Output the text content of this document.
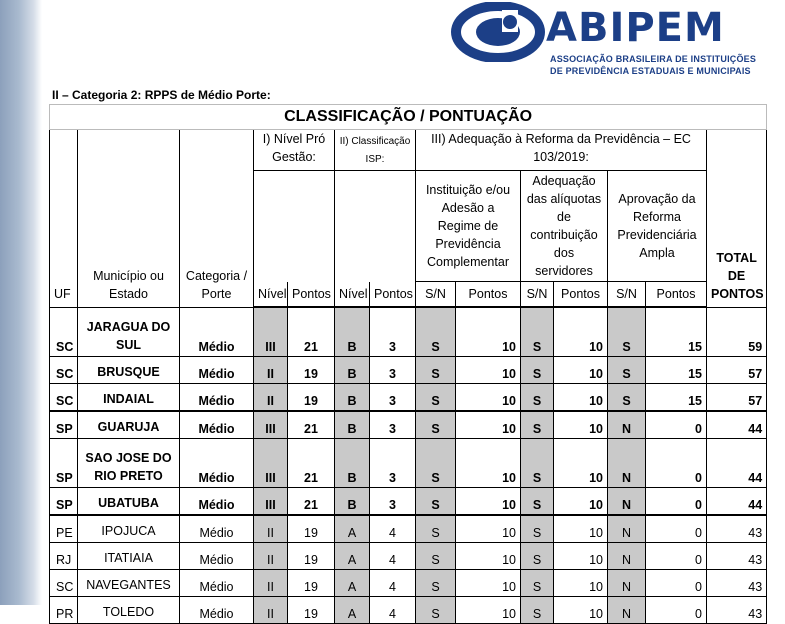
ABIPEM
ASSOCIAÇÃO BRASILEIRA DE INSTITUIÇÕES
DE PREVIDÊNCIA ESTADUAIS E MUNICIPAIS
II – Categoria 2: RPPS de Médio Porte:
CLASSIFICAÇÃO / PONTUAÇÃO													
UF	Município ou Estado	Categoria / Porte	I) Nível Pró Gestão:		II) Classificação ISP:		III) Adequação à Reforma da Previdência – EC 103/2019:						TOTAL DE PONTOS
							Instituição e/ou Adesão a Regime de Previdência Complementar		Adequação das alíquotas de contribuição dos servidores		Aprovação da Reforma Previdenciária Ampla		
			Nível	Pontos	Nível	Pontos	S/N	Pontos	S/N	Pontos	S/N	Pontos	
SC	JARAGUA DO SUL	Médio	III	21	B	3	S	10	S	10	S	15	59
SC	BRUSQUE	Médio	II	19	B	3	S	10	S	10	S	15	57
SC	INDAIAL	Médio	II	19	B	3	S	10	S	10	S	15	57
SP	GUARUJA	Médio	III	21	B	3	S	10	S	10	N	0	44
SP	SAO JOSE DO RIO PRETO	Médio	III	21	B	3	S	10	S	10	N	0	44
SP	UBATUBA	Médio	III	21	B	3	S	10	S	10	N	0	44
PE	IPOJUCA	Médio	II	19	A	4	S	10	S	10	N	0	43
RJ	ITATIAIA	Médio	II	19	A	4	S	10	S	10	N	0	43
SC	NAVEGANTES	Médio	II	19	A	4	S	10	S	10	N	0	43
PR	TOLEDO	Médio	II	19	A	4	S	10	S	10	N	0	43
